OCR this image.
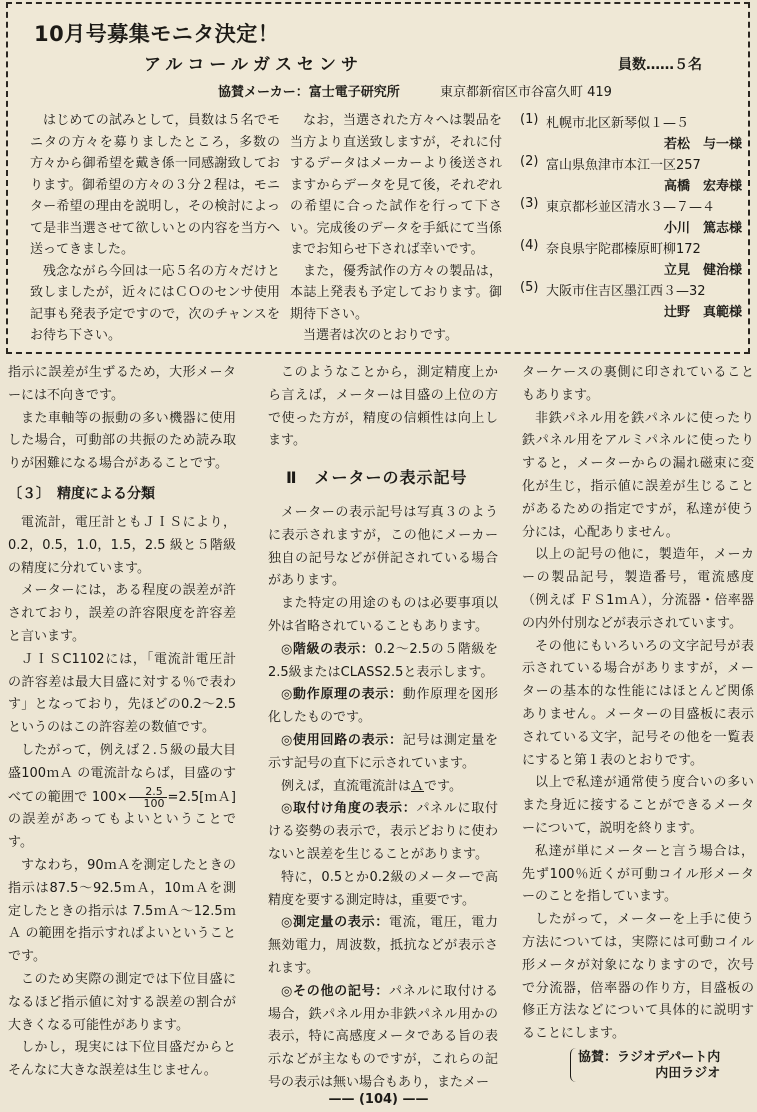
10月号募集モニタ決定！
アルコールガスセンサ	員数……５名
協賛メーカー：富士電子研究所	東京都新宿区市谷富久町 419

はじめての試みとして，員数は５名でモニタの方々を募りましたところ，多数の方々から御希望を戴き係一同感謝致しております。御希望の方々の３分２程は，モニター希望の理由を説明し，その検討によって是非当選させて欲しいとの内容を当方へ送ってきました。

残念ながら今回は一応５名の方々だけと致しましたが，近々にはＣＯのセンサ使用記事も発表予定ですので，次のチャンスをお待ち下さい。

なお，当選された方々へは製品を当方より直送致しますが，それに付するデータはメーカーより後送されますからデータを見て後，それぞれの希望に合った試作を行って下さい。完成後のデータを手紙にて当係までお知らせ下されば幸いです。

また，優秀試作の方々の製品は，本誌上発表も予定しております。御期待下さい。

当選者は次のとおりです。

(1) 札幌市北区新琴似１—５
若松　与一様
(2) 富山県魚津市本江一区257
高橋　宏寿様
(3) 東京都杉並区清水３—７—４
小川　篤志様
(4) 奈良県宇陀郡榛原町柳172
立見　健治様
(5) 大阪市住吉区墨江西３—32
辻野　真範様

指示に誤差が生ずるため，大形メーターには不向きです。

また車軸等の振動の多い機器に使用した場合，可動部の共振のため読み取りが困難になる場合があることです。

〔３〕　精度による分類

電流計，電圧計ともＪＩＳにより，0.2，0.5，1.0，1.5，2.5 級と５階級の精度に分れています。

メーターには，ある程度の誤差が許されており，誤差の許容限度を許容差と言います。

ＪＩＳC1102には，「電流計電圧計の許容差は最大目盛に対する％で表わす」となっており，先ほどの0.2～2.5というのはこの許容差の数値です。

したがって，例えば２.５級の最大目盛100ｍＡ の電流計ならば，目盛のすべての範囲で $100\times \frac{2.5}{100}$ =2.5[ｍＡ] の誤差があってもよいということです。

すなわち，90ｍＡを測定したときの指示は87.5～92.5ｍＡ，10ｍＡを測定したときの指示は 7.5ｍＡ～12.5ｍＡ の範囲を指示すればよいということです。

このため実際の測定では下位目盛になるほど指示値に対する誤差の割合が大きくなる可能性があります。

しかし，現実には下位目盛だからとそんなに大きな誤差は生じません。

このようなことから，測定精度上から言えば，メーターは目盛の上位の方で使った方が，精度の信頼性は向上します。

Ⅱ　メーターの表示記号

メーターの表示記号は写真３のように表示されますが，この他にメーカー独自の記号などが併記されている場合があります。

また特定の用途のものは必要事項以外は省略されていることもあります。

◎階級の表示：0.2～2.5の５階級を2.5級またはCLASS2.5と表示します。

◎動作原理の表示：動作原理を図形化したものです。

◎使用回路の表示：記号は測定量を示す記号の直下に示されています。

例えば，直流電流計はＡです。

◎取付け角度の表示：パネルに取付ける姿勢の表示で，表示どおりに使わないと誤差を生じることがあります。

特に，0.5とか0.2級のメーターで高精度を要する測定時は，重要です。

◎測定量の表示：電流，電圧，電力無効電力，周波数，抵抗などが表示されます。

◎その他の記号：パネルに取付ける場合，鉄パネル用か非鉄パネル用かの表示，特に高感度メータである旨の表示などが主なものですが，これらの記号の表示は無い場合もあり，またメー

ターケースの裏側に印されていることもあります。

非鉄パネル用を鉄パネルに使ったり鉄パネル用をアルミパネルに使ったりすると，メーターからの漏れ磁束に変化が生じ，指示値に誤差が生じることがあるための指定ですが，私達が使う分には，心配ありません。

以上の記号の他に，製造年，メーカーの製品記号，製造番号，電流感度（例えば ＦＳ1ｍＡ），分流器・倍率器の内外付別などが表示されています。

その他にもいろいろの文字記号が表示されている場合がありますが，メーターの基本的な性能にはほとんど関係ありません。メーターの目盛板に表示されている文字，記号その他を一覧表にすると第１表のとおりです。

以上で私達が通常使う度合いの多いまた身近に接することができるメーターについて，説明を終ります。

私達が単にメーターと言う場合は，先ず100％近くが可動コイル形メーターのことを指しています。

したがって，メーターを上手に使う方法については，実際には可動コイル形メータが対象になりますので，次号で分流器，倍率器の作り方，目盛板の修正方法などについて具体的に説明することにします。

協賛：ラジオデパート内
内田ラジオ
—— (104) ——
